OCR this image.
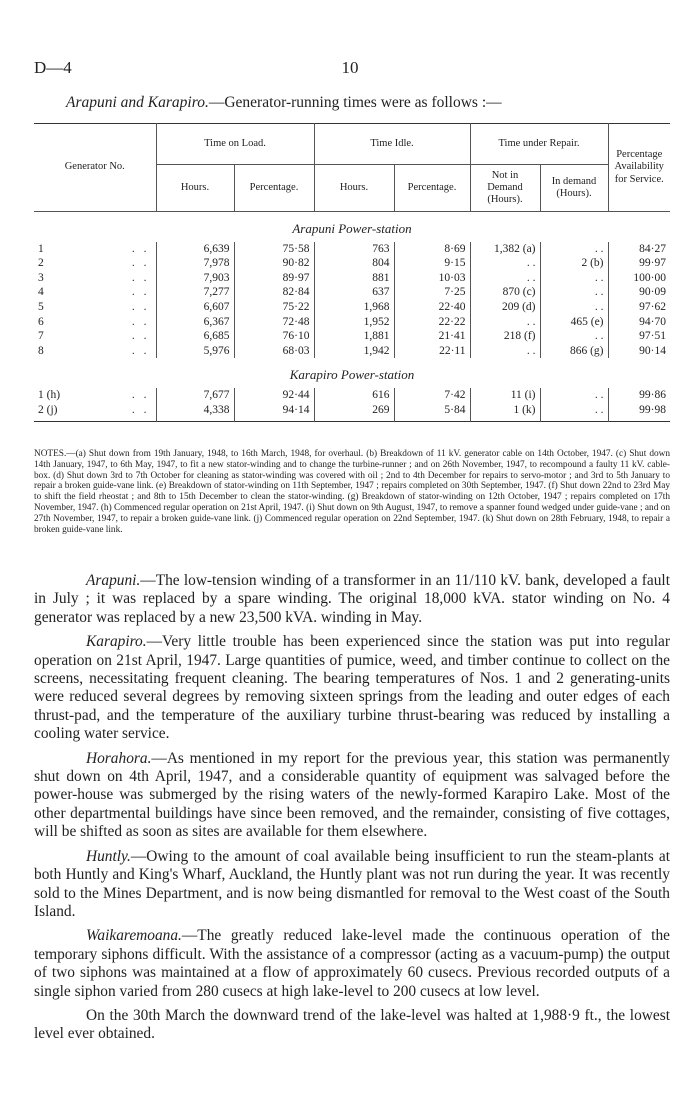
D—4	10
Arapuni and Karapiro.—Generator-running times were as follows :—
Generator No.		Time on Load.		Time Idle.		Time under Repair.		Percentage Availability for Service.
		Hours.	Percentage.	Hours.	Percentage.	Not in Demand (Hours).	In demand (Hours).	
Arapuni Power-station								
1	. .	6,639	75·58	763	8·69	1,382 (a)	. .	84·27
2	. .	7,978	90·82	804	9·15	. .	2 (b)	99·97
3	. .	7,903	89·97	881	10·03	. .	. .	100·00
4	. .	7,277	82·84	637	7·25	870 (c)	. .	90·09
5	. .	6,607	75·22	1,968	22·40	209 (d)	. .	97·62
6	. .	6,367	72·48	1,952	22·22	. .	465 (e)	94·70
7	. .	6,685	76·10	1,881	21·41	218 (f)	. .	97·51
8	. .	5,976	68·03	1,942	22·11	. .	866 (g)	90·14
Karapiro Power-station								
1 (h)	. .	7,677	92·44	616	7·42	11 (i)	. .	99·86
2 (j)	. .	4,338	94·14	269	5·84	1 (k)	. .	99·98
NOTES.—(a) Shut down from 19th January, 1948, to 16th March, 1948, for overhaul. (b) Breakdown of 11 kV. generator cable on 14th October, 1947. (c) Shut down 14th January, 1947, to 6th May, 1947, to fit a new stator-winding and to change the turbine-runner ; and on 26th November, 1947, to recompound a faulty 11 kV. cable-box. (d) Shut down 3rd to 7th October for cleaning as stator-winding was covered with oil ; 2nd to 4th December for repairs to servo-motor ; and 3rd to 5th January to repair a broken guide-vane link. (e) Breakdown of stator-winding on 11th September, 1947 ; repairs completed on 30th September, 1947. (f) Shut down 22nd to 23rd May to shift the field rheostat ; and 8th to 15th December to clean the stator-winding. (g) Breakdown of stator-winding on 12th October, 1947 ; repairs completed on 17th November, 1947. (h) Commenced regular operation on 21st April, 1947. (i) Shut down on 9th August, 1947, to remove a spanner found wedged under guide-vane ; and on 27th November, 1947, to repair a broken guide-vane link. (j) Commenced regular operation on 22nd September, 1947. (k) Shut down on 28th February, 1948, to repair a broken guide-vane link.

Arapuni.—The low-tension winding of a transformer in an 11/110 kV. bank, developed a fault in July ; it was replaced by a spare winding. The original 18,000 kVA. stator winding on No. 4 generator was replaced by a new 23,500 kVA. winding in May.

Karapiro.—Very little trouble has been experienced since the station was put into regular operation on 21st April, 1947. Large quantities of pumice, weed, and timber continue to collect on the screens, necessitating frequent cleaning. The bearing temperatures of Nos. 1 and 2 generating-units were reduced several degrees by removing sixteen springs from the leading and outer edges of each thrust-pad, and the temperature of the auxiliary turbine thrust-bearing was reduced by installing a cooling water service.

Horahora.—As mentioned in my report for the previous year, this station was permanently shut down on 4th April, 1947, and a considerable quantity of equipment was salvaged before the power-house was submerged by the rising waters of the newly-formed Karapiro Lake. Most of the other departmental buildings have since been removed, and the remainder, consisting of five cottages, will be shifted as soon as sites are available for them elsewhere.

Huntly.—Owing to the amount of coal available being insufficient to run the steam-plants at both Huntly and King's Wharf, Auckland, the Huntly plant was not run during the year. It was recently sold to the Mines Department, and is now being dismantled for removal to the West coast of the South Island.

Waikaremoana.—The greatly reduced lake-level made the continuous operation of the temporary siphons difficult. With the assistance of a compressor (acting as a vacuum-pump) the output of two siphons was maintained at a flow of approximately 60 cusecs. Previous recorded outputs of a single siphon varied from 280 cusecs at high lake-level to 200 cusecs at low level.

On the 30th March the downward trend of the lake-level was halted at 1,988·9 ft., the lowest level ever obtained.
